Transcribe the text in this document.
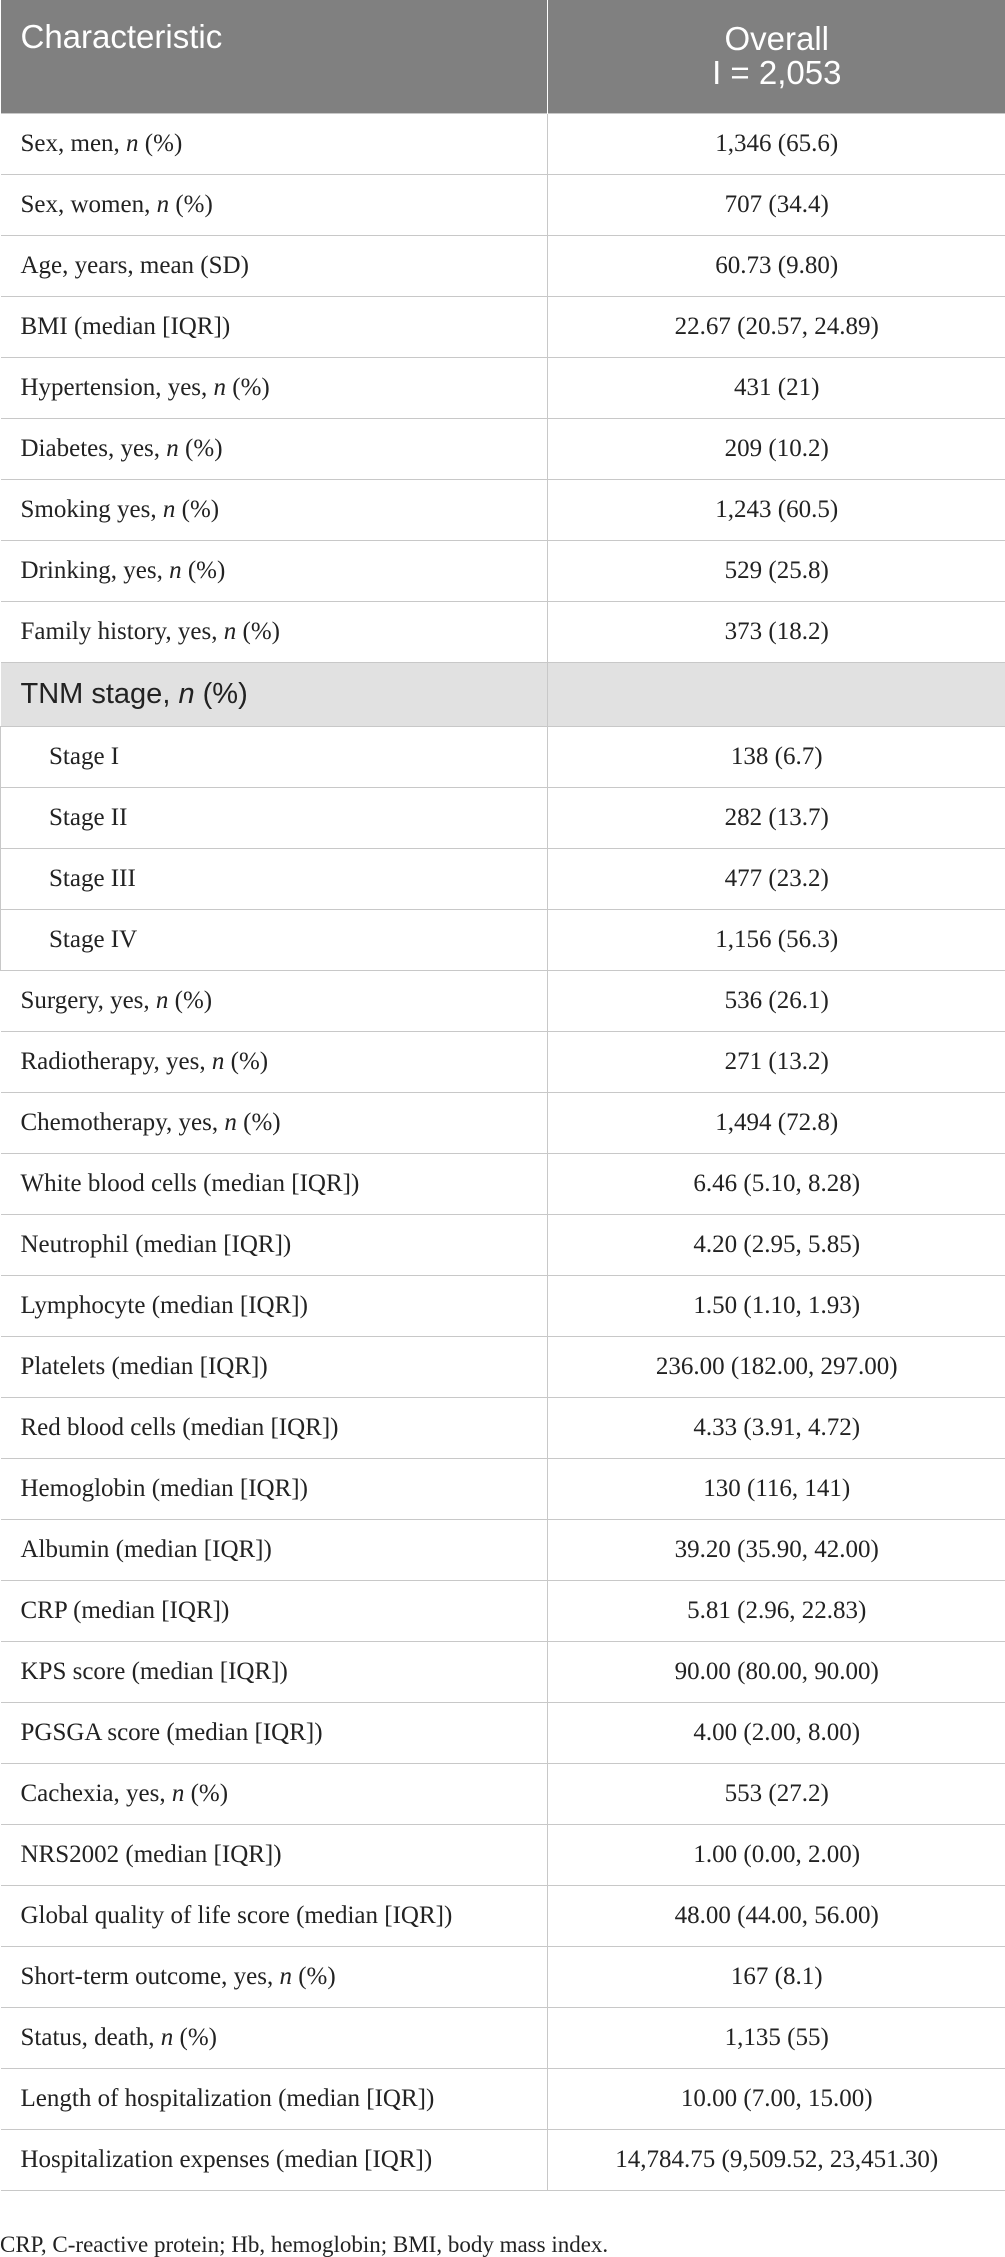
Characteristic	Overall
I = 2,053

Sex, men, n (%)	1,346 (65.6)
Sex, women, n (%)	707 (34.4)
Age, years, mean (SD)	60.73 (9.80)
BMI (median [IQR])	22.67 (20.57, 24.89)
Hypertension, yes, n (%)	431 (21)
Diabetes, yes, n (%)	209 (10.2)
Smoking yes, n (%)	1,243 (60.5)
Drinking, yes, n (%)	529 (25.8)
Family history, yes, n (%)	373 (18.2)
TNM stage, n (%)	
Stage I	138 (6.7)
Stage II	282 (13.7)
Stage III	477 (23.2)
Stage IV	1,156 (56.3)
Surgery, yes, n (%)	536 (26.1)
Radiotherapy, yes, n (%)	271 (13.2)
Chemotherapy, yes, n (%)	1,494 (72.8)
White blood cells (median [IQR])	6.46 (5.10, 8.28)
Neutrophil (median [IQR])	4.20 (2.95, 5.85)
Lymphocyte (median [IQR])	1.50 (1.10, 1.93)
Platelets (median [IQR])	236.00 (182.00, 297.00)
Red blood cells (median [IQR])	4.33 (3.91, 4.72)
Hemoglobin (median [IQR])	130 (116, 141)
Albumin (median [IQR])	39.20 (35.90, 42.00)
CRP (median [IQR])	5.81 (2.96, 22.83)
KPS score (median [IQR])	90.00 (80.00, 90.00)
PGSGA score (median [IQR])	4.00 (2.00, 8.00)
Cachexia, yes, n (%)	553 (27.2)
NRS2002 (median [IQR])	1.00 (0.00, 2.00)
Global quality of life score (median [IQR])	48.00 (44.00, 56.00)
Short-term outcome, yes, n (%)	167 (8.1)
Status, death, n (%)	1,135 (55)
Length of hospitalization (median [IQR])	10.00 (7.00, 15.00)
Hospitalization expenses (median [IQR])	14,784.75 (9,509.52, 23,451.30)
CRP, C-reactive protein; Hb, hemoglobin; BMI, body mass index.
